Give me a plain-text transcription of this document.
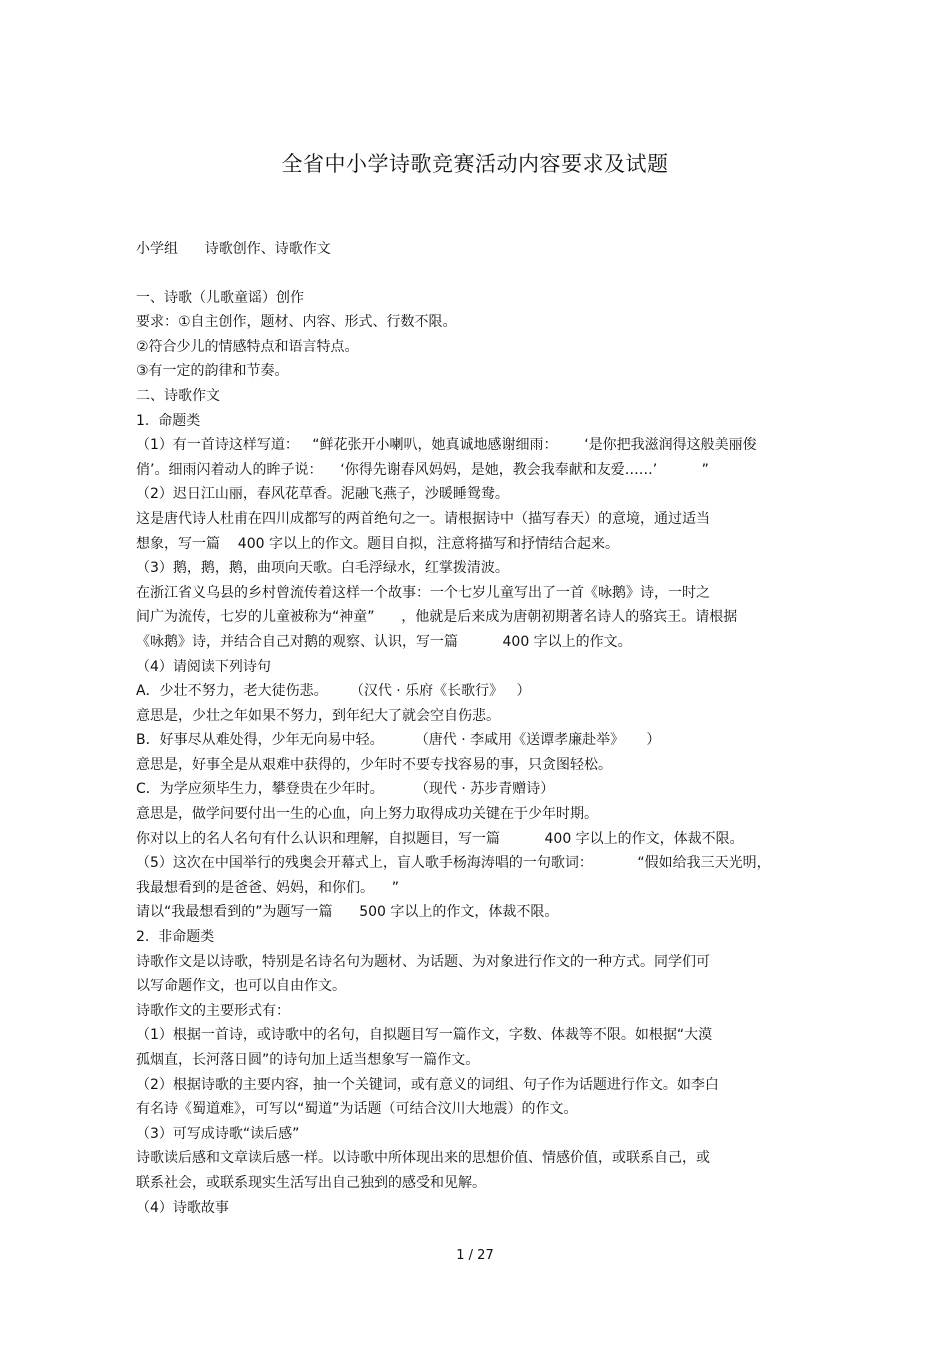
全省中小学诗歌竞赛活动内容要求及试题
小学组      诗歌创作、诗歌作文
一、诗歌（儿歌童谣）创作
要求：①自主创作，题材、内容、形式、行数不限。
②符合少儿的情感特点和语言特点。
③有一定的韵律和节奏。
二、诗歌作文
1.  命题类
（1）有一首诗这样写道：   “鲜花张开小喇叭，她真诚地感谢细雨：      ‘是你把我滋润得这般美丽俊
俏’。细雨闪着动人的眸子说：    ‘你得先谢春风妈妈，是她，教会我奉献和友爱……’          ”
（2）迟日江山丽，春风花草香。泥融飞燕子，沙暖睡鸳鸯。
这是唐代诗人杜甫在四川成都写的两首绝句之一。请根据诗中（描写春天）的意境，通过适当
想象，写一篇    400 字以上的作文。题目自拟，注意将描写和抒情结合起来。
（3）鹅，鹅，鹅，曲项向天歌。白毛浮绿水，红掌拨清波。
在浙江省义乌县的乡村曾流传着这样一个故事：一个七岁儿童写出了一首《咏鹅》诗，一时之
间广为流传，七岁的儿童被称为“神童”      ，他就是后来成为唐朝初期著名诗人的骆宾王。请根据
《咏鹅》诗，并结合自己对鹅的观察、认识，写一篇          400 字以上的作文。
（4）请阅读下列诗句
A．少壮不努力，老大徒伤悲。     （汉代 · 乐府《长歌行》   ）
意思是，少壮之年如果不努力，到年纪大了就会空自伤悲。
B．好事尽从难处得，少年无向易中轻。       （唐代 · 李咸用《送谭孝廉赴举》     ）
意思是，好事全是从艰难中获得的，少年时不要专找容易的事，只贪图轻松。
C．为学应须毕生力，攀登贵在少年时。       （现代 · 苏步青赠诗）
意思是，做学问要付出一生的心血，向上努力取得成功关键在于少年时期。
你对以上的名人名句有什么认识和理解，自拟题目，写一篇          400 字以上的作文，体裁不限。
（5）这次在中国举行的残奥会开幕式上，盲人歌手杨海涛唱的一句歌词：          “假如给我三天光明，
我最想看到的是爸爸、妈妈，和你们。    ”
请以“我最想看到的”为题写一篇      500 字以上的作文，体裁不限。
2.  非命题类
诗歌作文是以诗歌，特别是名诗名句为题材、为话题、为对象进行作文的一种方式。同学们可
以写命题作文，也可以自由作文。
诗歌作文的主要形式有：
（1）根据一首诗，或诗歌中的名句，自拟题目写一篇作文，字数、体裁等不限。如根据“大漠
孤烟直，长河落日圆”的诗句加上适当想象写一篇作文。
（2）根据诗歌的主要内容，抽一个关键词，或有意义的词组、句子作为话题进行作文。如李白
有名诗《蜀道难》，可写以“蜀道”为话题（可结合汶川大地震）的作文。
（3）可写成诗歌“读后感”
诗歌读后感和文章读后感一样。以诗歌中所体现出来的思想价值、情感价值，或联系自己，或
联系社会，或联系现实生活写出自己独到的感受和见解。
（4）诗歌故事
1 / 27
